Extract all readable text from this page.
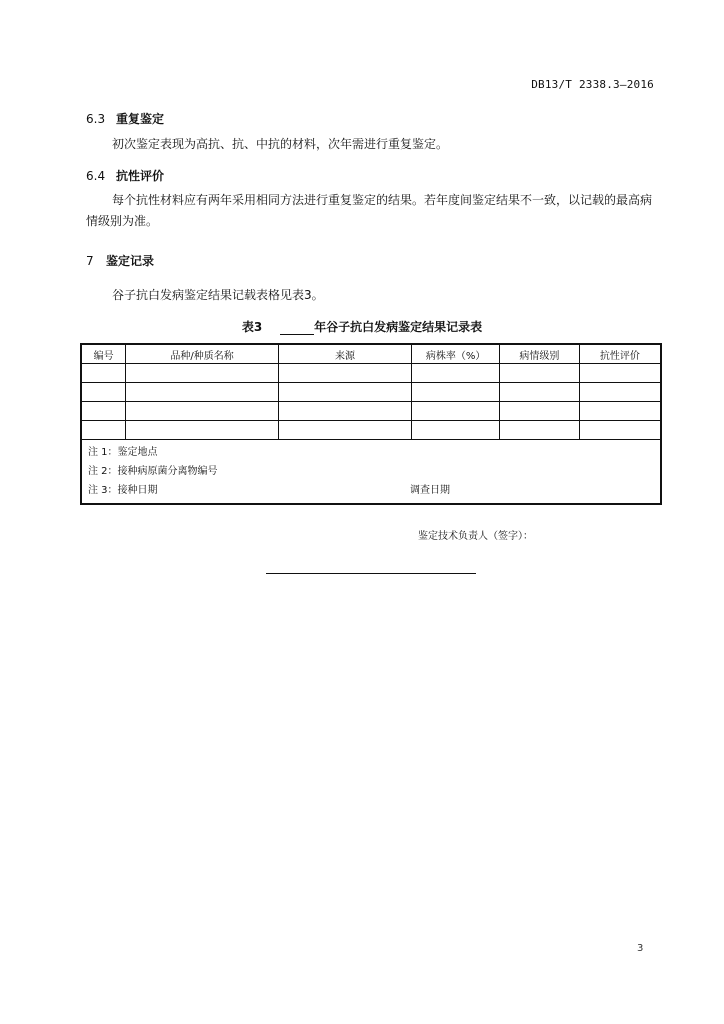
DB13/T 2338.3—2016
6.3 重复鉴定

初次鉴定表现为高抗、抗、中抗的材料，次年需进行重复鉴定。

6.4 抗性评价

每个抗性材料应有两年采用相同方法进行重复鉴定的结果。若年度间鉴定结果不一致，以记载的最高病情级别为准。

7 鉴定记录

谷子抗白发病鉴定结果记载表格见表3。

表3	年谷子抗白发病鉴定结果记录表
编号	品种/种质名称	来源	病株率（%）	病情级别	抗性评价

注 1：鉴定地点
注 2：接种病原菌分离物编号
注 3：接种日期 调查日期					
鉴定技术负责人（签字）：
3
